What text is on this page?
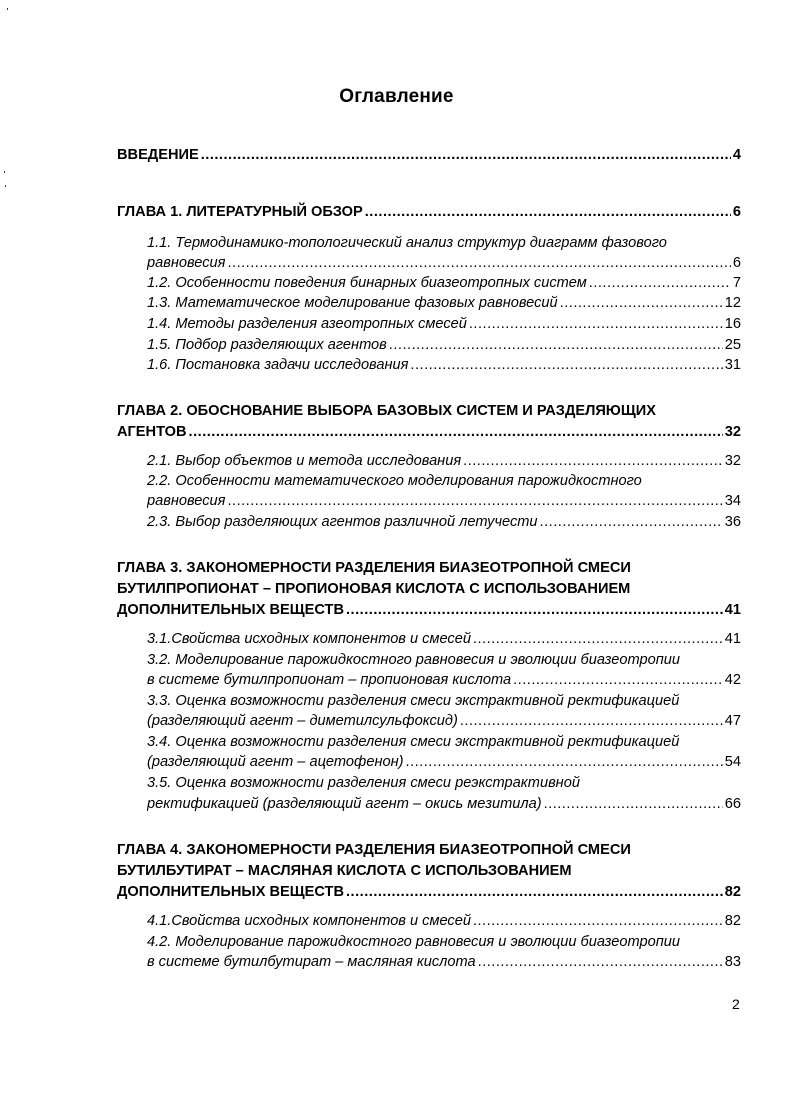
Оглавление
ВВЕДЕНИЕ .....	4
ГЛАВА 1. ЛИТЕРАТУРНЫЙ ОБЗОР .....	6
1.1. Термодинамико-топологический анализ структур диаграмм фазового
равновесия .....	6
1.2. Особенности поведения бинарных биазеотропных систем .....	7
1.3. Математическое моделирование фазовых равновесий .....	12
1.4. Методы разделения азеотропных смесей .....	16
1.5. Подбор разделяющих агентов .....	25
1.6. Постановка задачи исследования .....	31
ГЛАВА 2. ОБОСНОВАНИЕ ВЫБОРА БАЗОВЫХ СИСТЕМ И РАЗДЕЛЯЮЩИХ
АГЕНТОВ .....	32
2.1. Выбор объектов и метода исследования .....	32
2.2. Особенности математического моделирования парожидкостного
равновесия .....	34
2.3. Выбор разделяющих агентов различной летучести .....	36
ГЛАВА 3. ЗАКОНОМЕРНОСТИ РАЗДЕЛЕНИЯ БИАЗЕОТРОПНОЙ СМЕСИ
БУТИЛПРОПИОНАТ – ПРОПИОНОВАЯ КИСЛОТА С ИСПОЛЬЗОВАНИЕМ
ДОПОЛНИТЕЛЬНЫХ ВЕЩЕСТВ .....	41
3.1.Свойства исходных компонентов и смесей .....	41
3.2. Моделирование парожидкостного равновесия и эволюции биазеотропии
в системе бутилпропионат – пропионовая кислота .....	42
3.3. Оценка возможности разделения смеси экстрактивной ректификацией
(разделяющий агент – диметилсульфоксид) .....	47
3.4. Оценка возможности разделения смеси экстрактивной ректификацией
(разделяющий агент – ацетофенон) .....	54
3.5. Оценка возможности разделения смеси реэкстрактивной
ректификацией (разделяющий агент – окись мезитила) .....	66
ГЛАВА 4. ЗАКОНОМЕРНОСТИ РАЗДЕЛЕНИЯ БИАЗЕОТРОПНОЙ СМЕСИ
БУТИЛБУТИРАТ – МАСЛЯНАЯ КИСЛОТА С ИСПОЛЬЗОВАНИЕМ
ДОПОЛНИТЕЛЬНЫХ ВЕЩЕСТВ .....	82
4.1.Свойства исходных компонентов и смесей .....	82
4.2. Моделирование парожидкостного равновесия и эволюции биазеотропии
в системе бутилбутират – масляная кислота .....	83
2
